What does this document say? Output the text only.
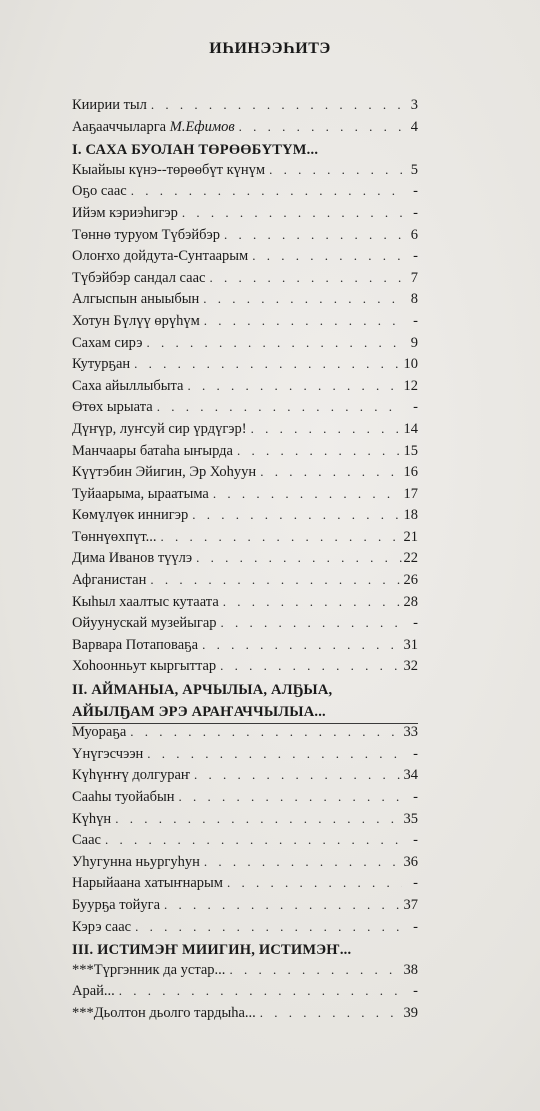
ИҺИНЭЭҺИТЭ
Киирии тыл . . .	3
Ааҕааччыларга М.Ефимов . . .	4
I. САХА БУОЛАН ТӨРӨӨБҮТҮМ...
Кыайыы күнэ--төрөөбүт күнүм . . .	5
Оҕо саас . . .	-
Ийэм кэриэһигэр . . .	-
Төннө туруом Түбэйбэр . . .	6
Олоҥхо дойдута-Сунтаарым . . .	-
Түбэйбэр сандал саас . . .	7
Алгыспын аныыбын . . .	8
Хотун Бүлүү өрүһүм . . .	-
Сахам сирэ . . .	9
Кутурҕан . . .	10
Саха айыллыбыта . . .	12
Өтөх ырыата . . .	-
Дүҥүр, луҥсуй сир үрдүгэр! . . .	14
Манчаары батаһа ыҥырда . . .	15
Күүтэбин Эйигин, Эр Хоһуун . . .	16
Туйаарыма, ыраатыма . . .	17
Көмүлүөк иннигэр . . .	18
Төннүөхпүт... . . .	21
Дима Иванов түүлэ . . .	22
Афганистан . . .	26
Кыһыл хаалтыс кутаата . . .	28
Ойуунускай музейыгар . . .	-
Варвара Потаповаҕа . . .	31
Хоһоонньут кыргыттар . . .	32
II. АЙМАНЫА, АРЧЫЛЫА, АЛҔЫА,
АЙЫЛҔАМ ЭРЭ АРАҤАЧЧЫЛЫА...
Муораҕа . . .	33
Үнүгэсчээн . . .	-
Күһүҥҥү долгураҥ . . .	34
Сааһы туойабын . . .	-
Күһүн . . .	35
Саас . . .	-
Уһугунна ньургуһун . . .	36
Нарыйаана хатыҥнарым . . .	-
Буурҕа тойуга . . .	37
Кэрэ саас . . .	-
III. ИСТИМЭҤ МИИГИН, ИСТИМЭҤ...
***Түргэнник да устар... . . .	38
Арай... . . .	-
***Дьолтон дьолго тардыһа... . . .	39
